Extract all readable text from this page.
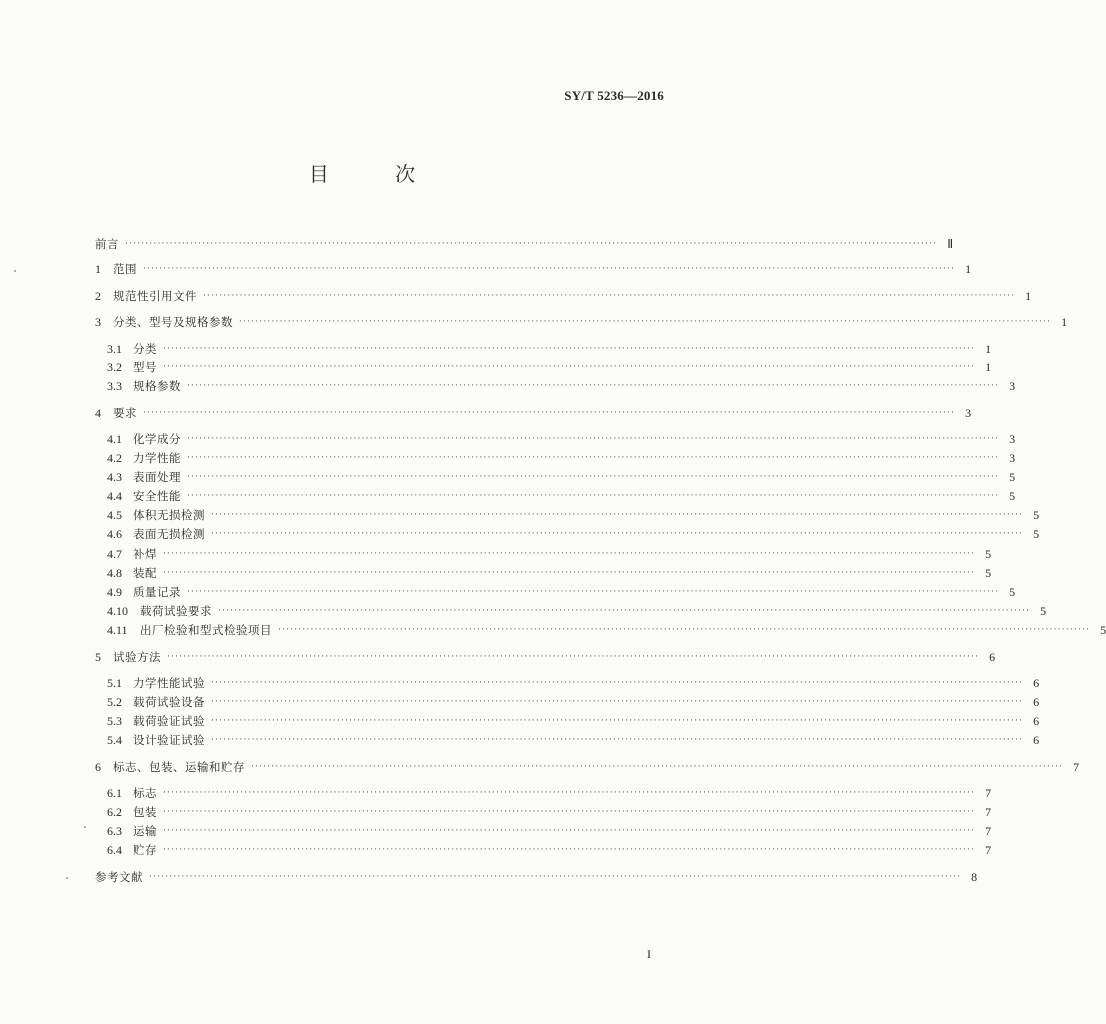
SY/T 5236—2016
目 次
前言 ········································································································································································································ Ⅱ
1	范围 ········································································································································································································ 1
2	规范性引用文件 ········································································································································································································ 1
3	分类、型号及规格参数 ········································································································································································································ 1
3.1 分类 ········································································································································································································ 1
3.2 型号 ········································································································································································································ 1
3.3 规格参数 ········································································································································································································ 3
4	要求 ········································································································································································································ 3
4.1 化学成分 ········································································································································································································ 3
4.2 力学性能 ········································································································································································································ 3
4.3 表面处理 ········································································································································································································ 5
4.4 安全性能 ········································································································································································································ 5
4.5 体积无损检测 ········································································································································································································ 5
4.6 表面无损检测 ········································································································································································································ 5
4.7 补焊 ········································································································································································································ 5
4.8 装配 ········································································································································································································ 5
4.9 质量记录 ········································································································································································································ 5
4.10	载荷试验要求 ········································································································································································································ 5
4.11	出厂检验和型式检验项目 ········································································································································································································ 5
5	试验方法 ········································································································································································································ 6
5.1 力学性能试验 ········································································································································································································ 6
5.2 载荷试验设备 ········································································································································································································ 6
5.3 载荷验证试验 ········································································································································································································ 6
5.4 设计验证试验 ········································································································································································································ 6
6	标志、包装、运输和贮存 ········································································································································································································ 7
6.1 标志 ········································································································································································································ 7
6.2 包装 ········································································································································································································ 7
6.3 运输 ········································································································································································································ 7
6.4 贮存 ········································································································································································································ 7
参考文献 ········································································································································································································ 8
I
